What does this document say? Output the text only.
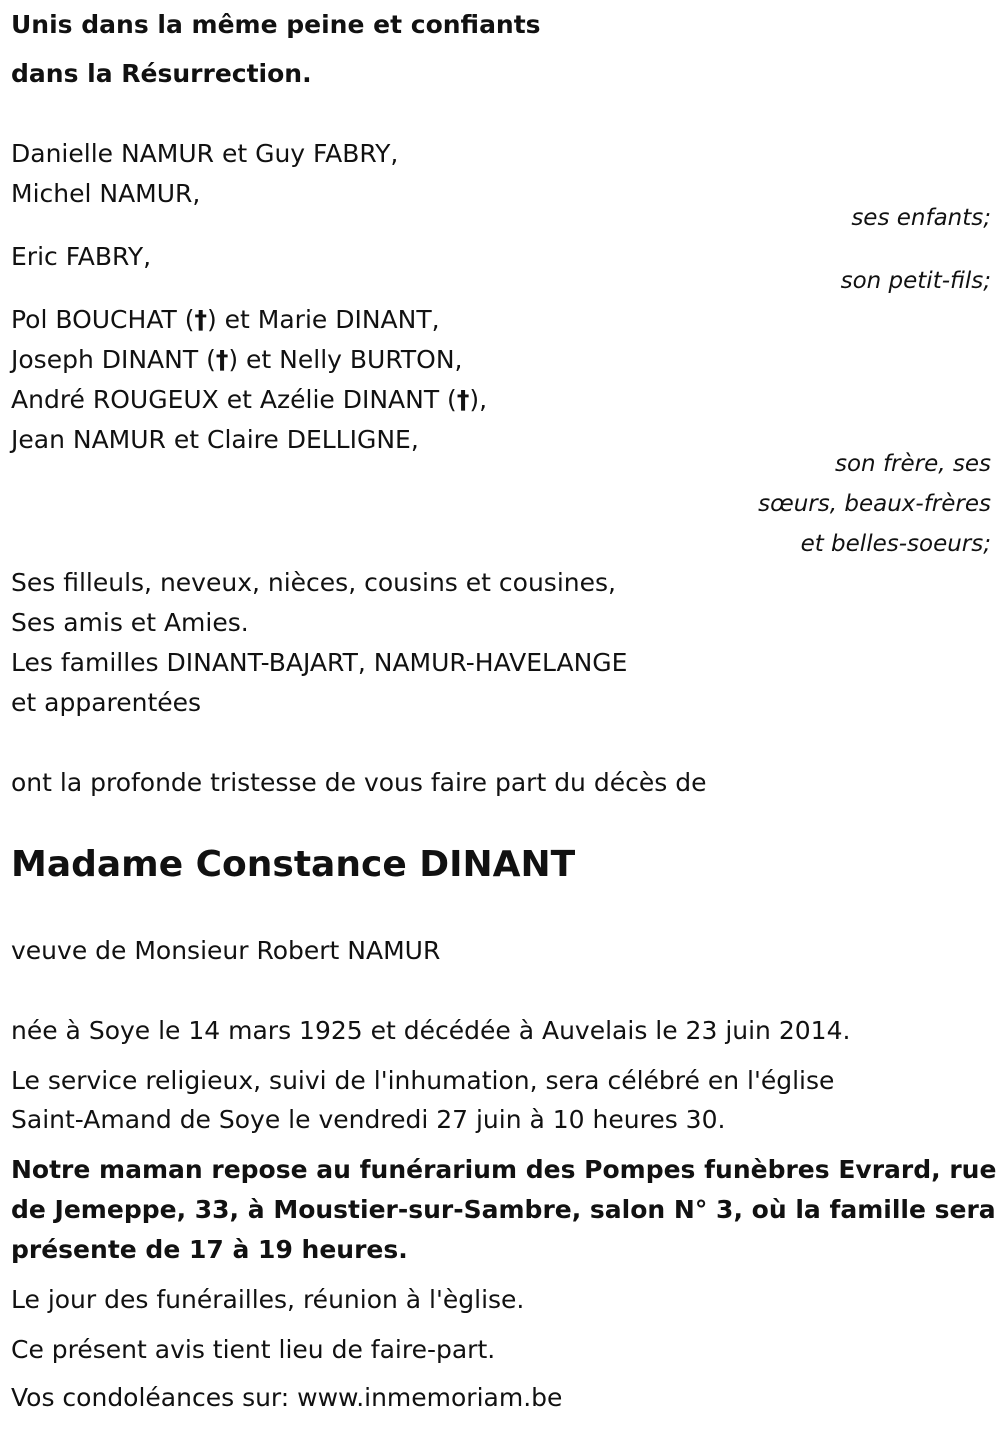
Unis dans la même peine et confiants
dans la Résurrection.
Danielle NAMUR et Guy FABRY,
Michel NAMUR,
ses enfants;
Eric FABRY,
son petit-fils;
Pol BOUCHAT (†) et Marie DINANT,
Joseph DINANT (†) et Nelly BURTON,
André ROUGEUX et Azélie DINANT (†),
Jean NAMUR et Claire DELLIGNE,
son frère, ses
sœurs, beaux-frères
et belles-soeurs;
Ses filleuls, neveux, nièces, cousins et cousines,
Ses amis et Amies.
Les familles DINANT-BAJART, NAMUR-HAVELANGE
et apparentées
ont la profonde tristesse de vous faire part du décès de
Madame Constance DINANT
veuve de Monsieur Robert NAMUR
née à Soye le 14 mars 1925 et décédée à Auvelais le 23 juin 2014.
Le service religieux, suivi de l'inhumation, sera célébré en l'église
Saint-Amand de Soye le vendredi 27 juin à 10 heures 30.
Notre maman repose au funérarium des Pompes funèbres Evrard, rue
de Jemeppe, 33, à Moustier-sur-Sambre, salon N° 3, où la famille sera
présente de 17 à 19 heures.
Le jour des funérailles, réunion à l'èglise.
Ce présent avis tient lieu de faire-part.
Vos condoléances sur: www.inmemoriam.be
